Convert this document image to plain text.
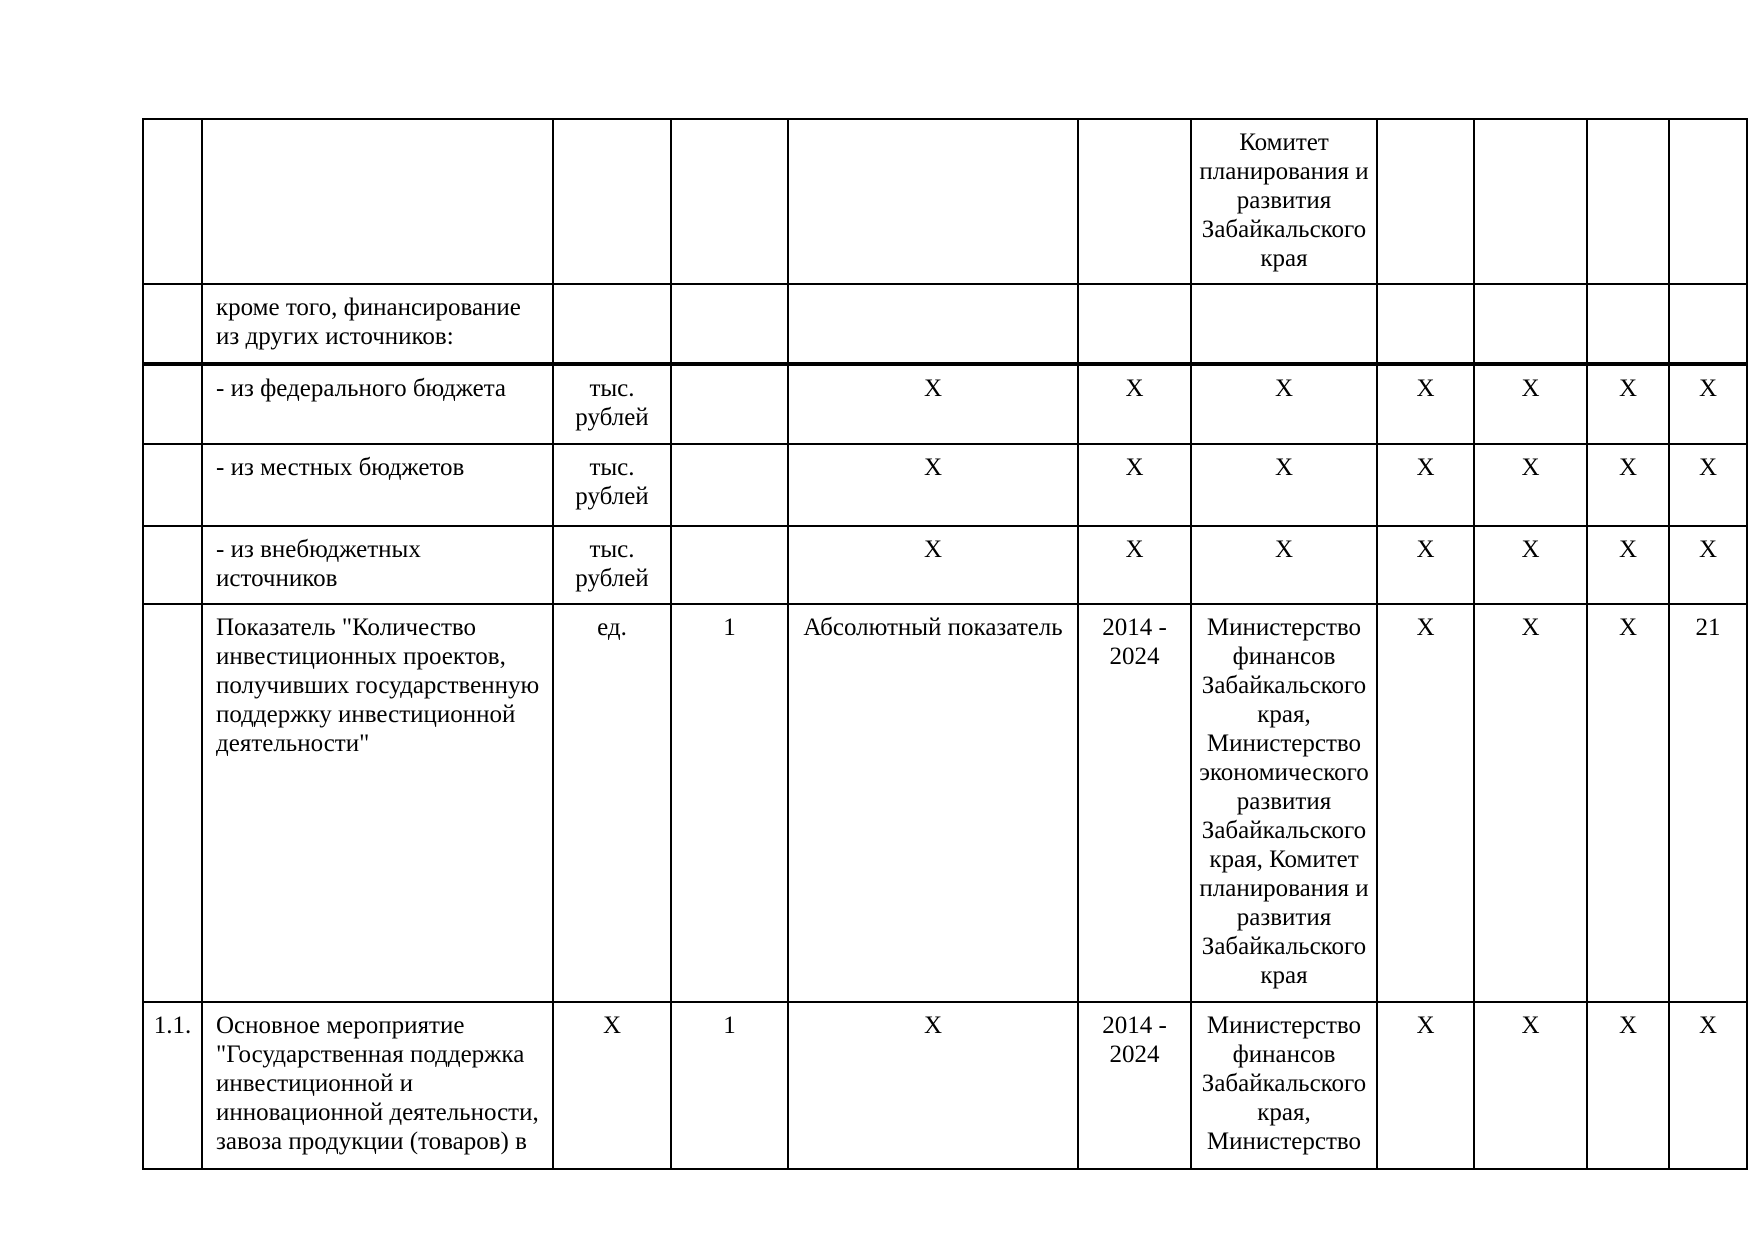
						Комитет планирования и развития Забайкальского края				
	кроме того, финансирование из других источников:									
	- из федерального бюджета	тыс. рублей		X	X	X	X	X	X	X
	- из местных бюджетов	тыс. рублей		X	X	X	X	X	X	X
	- из внебюджетных источников	тыс. рублей		X	X	X	X	X	X	X
	Показатель "Количество инвестиционных проектов, получивших государственную поддержку инвестиционной деятельности"	ед.	1	Абсолютный показатель	2014 - 2024	Министерство финансов Забайкальского края, Министерство экономического развития Забайкальского края, Комитет планирования и развития Забайкальского края	X	X	X	21
1.1.	Основное мероприятие "Государственная поддержка инвестиционной и инновационной деятельности, завоза продукции (товаров) в	X	1	X	2014 - 2024	Министерство финансов Забайкальского края, Министерство	X	X	X	X
